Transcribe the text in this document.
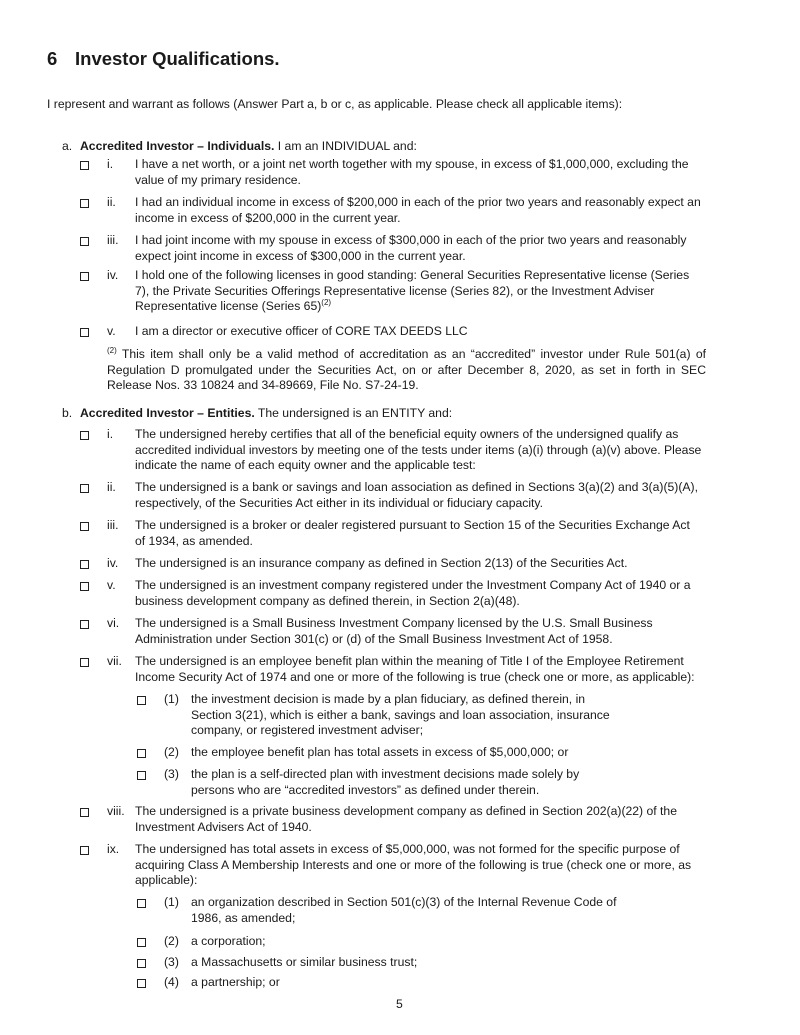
6 Investor Qualifications.
I represent and warrant as follows (Answer Part a, b or c, as applicable. Please check all applicable items):
a. Accredited Investor – Individuals. I am an INDIVIDUAL and:
i. I have a net worth, or a joint net worth together with my spouse, in excess of $1,000,000, excluding the
value of my primary residence.
ii. I had an individual income in excess of $200,000 in each of the prior two years and reasonably expect an
income in excess of $200,000 in the current year.
iii. I had joint income with my spouse in excess of $300,000 in each of the prior two years and reasonably
expect joint income in excess of $300,000 in the current year.
iv. I hold one of the following licenses in good standing: General Securities Representative license (Series
7), the Private Securities Offerings Representative license (Series 82), or the Investment Adviser
Representative license (Series 65)$^{(2)}$
v. I am a director or executive officer of CORE TAX DEEDS LLC
$^{(2)}$ This item shall only be a valid method of accreditation as an “accredited” investor under Rule 501(a) of Regulation D promulgated under the Securities Act, on or after December 8, 2020, as set in forth in SEC Release Nos. 33 10824 and 34-89669, File No. S7-24-19.
b. Accredited Investor – Entities. The undersigned is an ENTITY and:
i. The undersigned hereby certifies that all of the beneficial equity owners of the undersigned qualify as
accredited individual investors by meeting one of the tests under items (a)(i) through (a)(v) above. Please
indicate the name of each equity owner and the applicable test:
ii. The undersigned is a bank or savings and loan association as defined in Sections 3(a)(2) and 3(a)(5)(A),
respectively, of the Securities Act either in its individual or fiduciary capacity.
iii. The undersigned is a broker or dealer registered pursuant to Section 15 of the Securities Exchange Act
of 1934, as amended.
iv. The undersigned is an insurance company as defined in Section 2(13) of the Securities Act.
v. The undersigned is an investment company registered under the Investment Company Act of 1940 or a
business development company as defined therein, in Section 2(a)(48).
vi. The undersigned is a Small Business Investment Company licensed by the U.S. Small Business
Administration under Section 301(c) or (d) of the Small Business Investment Act of 1958.
vii. The undersigned is an employee benefit plan within the meaning of Title I of the Employee Retirement
Income Security Act of 1974 and one or more of the following is true (check one or more, as applicable):
(1) the investment decision is made by a plan fiduciary, as defined therein, in
Section 3(21), which is either a bank, savings and loan association, insurance
company, or registered investment adviser;
(2) the employee benefit plan has total assets in excess of $5,000,000; or
(3) the plan is a self-directed plan with investment decisions made solely by
persons who are “accredited investors” as defined under therein.
viii. The undersigned is a private business development company as defined in Section 202(a)(22) of the
Investment Advisers Act of 1940.
ix. The undersigned has total assets in excess of $5,000,000, was not formed for the specific purpose of
acquiring Class A Membership Interests and one or more of the following is true (check one or more, as
applicable):
(1) an organization described in Section 501(c)(3) of the Internal Revenue Code of
1986, as amended;
(2) a corporation;
(3) a Massachusetts or similar business trust;
(4) a partnership; or
5
